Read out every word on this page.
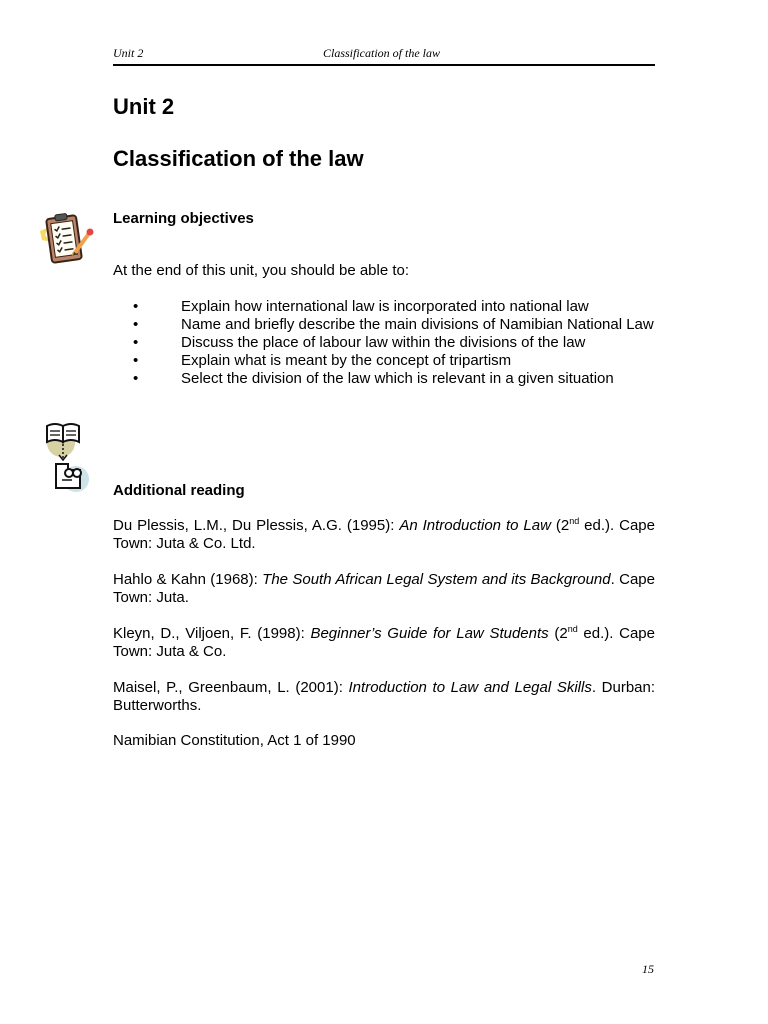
Unit 2	Classification of the law
Unit 2
Classification of the law
Learning objectives
At the end of this unit, you should be able to:
•	Explain how international law is incorporated into national law
•	Name and briefly describe the main divisions of Namibian National Law
•	Discuss the place of labour law within the divisions of the law
•	Explain what is meant by the concept of tripartism
•	Select the division of the law which is relevant in a given situation
Additional reading

Du Plessis, L.M., Du Plessis, A.G. (1995): An Introduction to Law (2nd ed.). Cape Town: Juta & Co. Ltd.

Hahlo & Kahn (1968): The South African Legal System and its Background. Cape Town: Juta.

Kleyn, D., Viljoen, F. (1998): Beginner’s Guide for Law Students (2nd ed.). Cape Town: Juta & Co.

Maisel, P., Greenbaum, L. (2001): Introduction to Law and Legal Skills. Durban: Butterworths.

Namibian Constitution, Act 1 of 1990

15
